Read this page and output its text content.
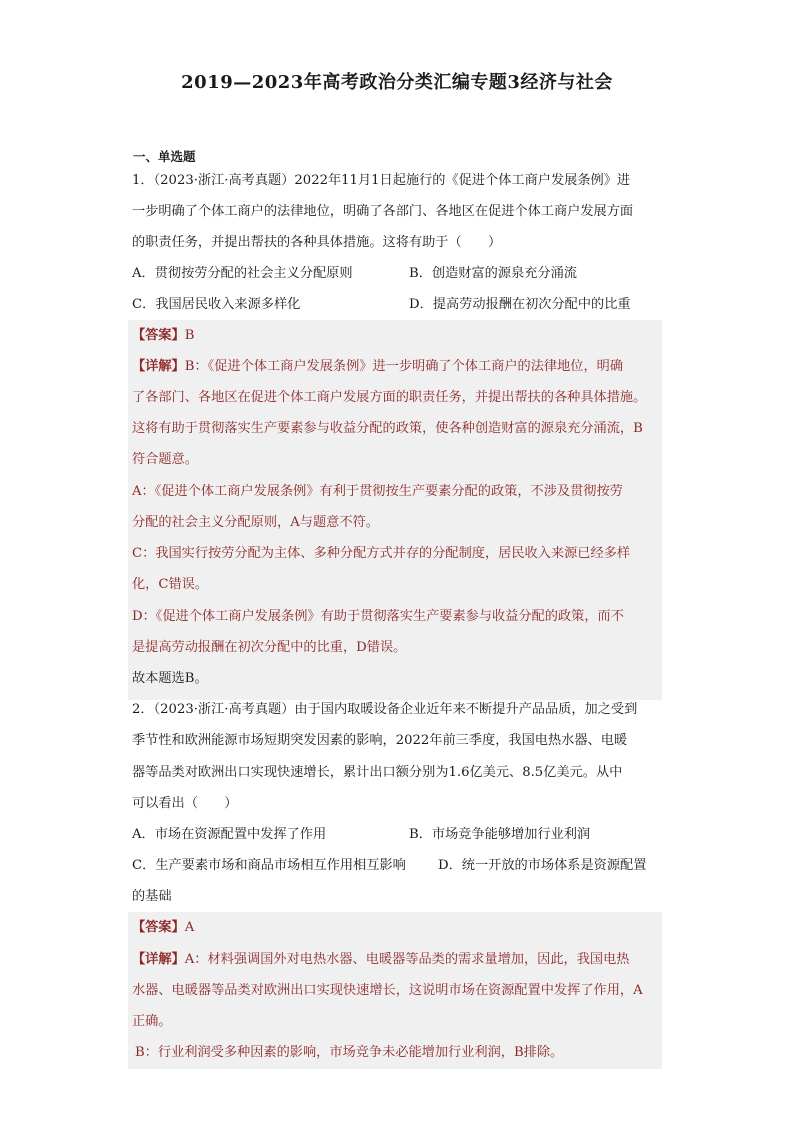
2019—2023年高考政治分类汇编专题3经济与社会
一、单选题
1．（2023·浙江·高考真题）2022年11月1日起施行的《促进个体工商户发展条例》进
一步明确了个体工商户的法律地位，明确了各部门、各地区在促进个体工商户发展方面
的职责任务，并提出帮扶的各种具体措施。这将有助于（　　）
A．贯彻按劳分配的社会主义分配原则	B．创造财富的源泉充分涌流
C．我国居民收入来源多样化	D．提高劳动报酬在初次分配中的比重
【答案】B
【详解】B：《促进个体工商户发展条例》进一步明确了个体工商户的法律地位，明确
了各部门、各地区在促进个体工商户发展方面的职责任务，并提出帮扶的各种具体措施。
这将有助于贯彻落实生产要素参与收益分配的政策，使各种创造财富的源泉充分涌流，B
符合题意。
A：《促进个体工商户发展条例》有利于贯彻按生产要素分配的政策，不涉及贯彻按劳
分配的社会主义分配原则，A与题意不符。
C：我国实行按劳分配为主体、多种分配方式并存的分配制度，居民收入来源已经多样
化，C错误。
D：《促进个体工商户发展条例》有助于贯彻落实生产要素参与收益分配的政策，而不
是提高劳动报酬在初次分配中的比重，D错误。
故本题选B。
2．（2023·浙江·高考真题）由于国内取暖设备企业近年来不断提升产品品质，加之受到
季节性和欧洲能源市场短期突发因素的影响，2022年前三季度，我国电热水器、电暖
器等品类对欧洲出口实现快速增长，累计出口额分别为1.6亿美元、8.5亿美元。从中
可以看出（　　）
A．市场在资源配置中发挥了作用	B．市场竞争能够增加行业利润
C．生产要素市场和商品市场相互作用相互影响 D．统一开放的市场体系是资源配置
的基础
【答案】A
【详解】A：材料强调国外对电热水器、电暖器等品类的需求量增加，因此，我国电热
水器、电暖器等品类对欧洲出口实现快速增长，这说明市场在资源配置中发挥了作用，A
正确。
B：行业利润受多种因素的影响，市场竞争未必能增加行业利润，B排除。
